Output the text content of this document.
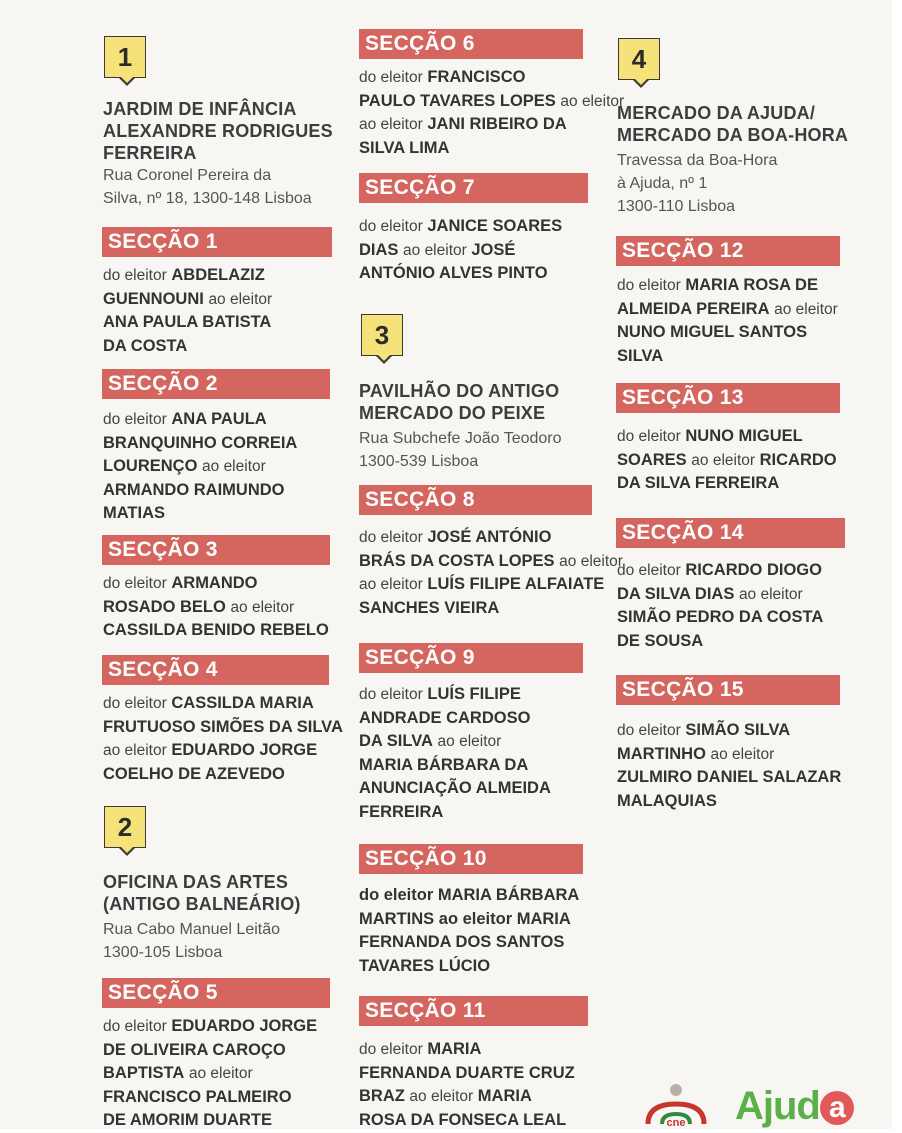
1
JARDIM DE INFÂNCIA
ALEXANDRE RODRIGUES
FERREIRA
Rua Coronel Pereira da
Silva, nº 18, 1300-148 Lisboa
SECÇÃO 1
do eleitor ABDELAZIZ
GUENNOUNI ao eleitor
ANA PAULA BATISTA
DA COSTA
SECÇÃO 2
do eleitor ANA PAULA
BRANQUINHO CORREIA
LOURENÇO ao eleitor
ARMANDO RAIMUNDO
MATIAS
SECÇÃO 3
do eleitor ARMANDO
ROSADO BELO ao eleitor
CASSILDA BENIDO REBELO
SECÇÃO 4
do eleitor CASSILDA MARIA
FRUTUOSO SIMÕES DA SILVA
ao eleitor EDUARDO JORGE
COELHO DE AZEVEDO
2
OFICINA DAS ARTES
(ANTIGO BALNEÁRIO)
Rua Cabo Manuel Leitão
1300-105 Lisboa
SECÇÃO 5
do eleitor EDUARDO JORGE
DE OLIVEIRA CAROÇO
BAPTISTA ao eleitor
FRANCISCO PALMEIRO
DE AMORIM DUARTE
SECÇÃO 6
do eleitor FRANCISCO
PAULO TAVARES LOPES ao eleitor
ao eleitor JANI RIBEIRO DA
SILVA LIMA
SECÇÃO 7
do eleitor JANICE SOARES
DIAS ao eleitor JOSÉ
ANTÓNIO ALVES PINTO
3
PAVILHÃO DO ANTIGO
MERCADO DO PEIXE
Rua Subchefe João Teodoro
1300-539 Lisboa
SECÇÃO 8
do eleitor JOSÉ ANTÓNIO
BRÁS DA COSTA LOPES ao eleitor
ao eleitor LUÍS FILIPE ALFAIATE
SANCHES VIEIRA
SECÇÃO 9
do eleitor LUÍS FILIPE
ANDRADE CARDOSO
DA SILVA ao eleitor
MARIA BÁRBARA DA
ANUNCIAÇÃO ALMEIDA
FERREIRA
SECÇÃO 10
do eleitor MARIA BÁRBARA
MARTINS ao eleitor MARIA
FERNANDA DOS SANTOS
TAVARES LÚCIO
SECÇÃO 11
do eleitor MARIA
FERNANDA DUARTE CRUZ
BRAZ ao eleitor MARIA
ROSA DA FONSECA LEAL
4
MERCADO DA AJUDA/
MERCADO DA BOA-HORA
Travessa da Boa-Hora
à Ajuda, nº 1
1300-110 Lisboa
SECÇÃO 12
do eleitor MARIA ROSA DE
ALMEIDA PEREIRA ao eleitor
NUNO MIGUEL SANTOS
SILVA
SECÇÃO 13
do eleitor NUNO MIGUEL
SOARES ao eleitor RICARDO
DA SILVA FERREIRA
SECÇÃO 14
do eleitor RICARDO DIOGO
DA SILVA DIAS ao eleitor
SIMÃO PEDRO DA COSTA
DE SOUSA
SECÇÃO 15
do eleitor SIMÃO SILVA
MARTINHO ao eleitor
ZULMIRO DANIEL SALAZAR
MALAQUIAS
cne Ajud a
